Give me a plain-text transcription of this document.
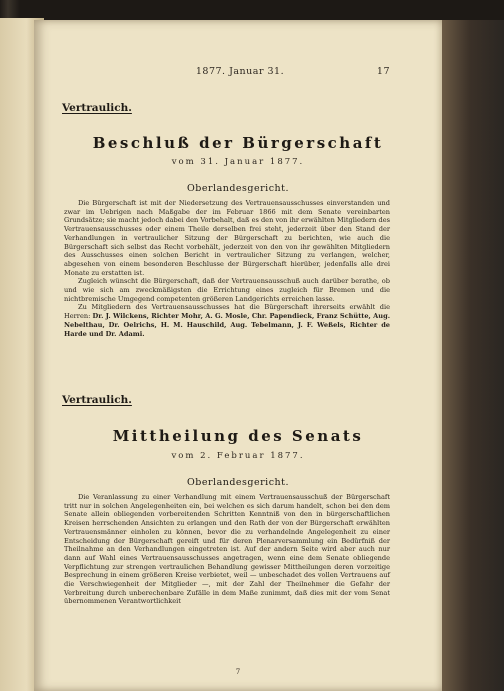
1877. Januar 31.	17
Vertraulich.
Beschluß der Bürgerschaft
vom 31. Januar 1877.
Oberlandesgericht.

Die Bürgerschaft ist mit der Niedersetzung des Vertrauensausschusses einverstanden und zwar im Uebrigen nach Maßgabe der im Februar 1866 mit dem Senate vereinbarten Grundsätze; sie macht jedoch dabei den Vorbehalt, daß es den von ihr erwählten Mitgliedern des Vertrauensausschusses oder einem Theile derselben frei steht, jederzeit über den Stand der Verhandlungen in vertraulicher Sitzung der Bürgerschaft zu berichten, wie auch die Bürgerschaft sich selbst das Recht vorbehält, jederzeit von den von ihr gewählten Mitgliedern des Ausschusses einen solchen Bericht in vertraulicher Sitzung zu verlangen, welcher, abgesehen von einem besonderen Beschlusse der Bürgerschaft hierüber, jedenfalls alle drei Monate zu erstatten ist.

Zugleich wünscht die Bürgerschaft, daß der Vertrauensausschuß auch darüber berathe, ob und wie sich am zweckmäßigsten die Errichtung eines zugleich für Bremen und die nichtbremische Umgegend competenten größeren Landgerichts erreichen lasse.

Zu Mitgliedern des Vertrauensausschusses hat die Bürgerschaft ihrerseits erwählt die Herren: Dr. J. Wilckens, Richter Mohr, A. G. Mosle, Chr. Papendieck, Franz Schütte, Aug. Nebelthau, Dr. Oelrichs, H. M. Hauschild, Aug. Tebelmann, J. F. Weßels, Richter de Harde und Dr. Adami.

Vertraulich.
Mittheilung des Senats
vom 2. Februar 1877.
Oberlandesgericht.

Die Veranlassung zu einer Verhandlung mit einem Vertrauensausschuß der Bürgerschaft tritt nur in solchen Angelegenheiten ein, bei welchen es sich darum handelt, schon bei den dem Senate allein obliegenden vorbereitenden Schritten Kenntniß von den in bürgerschaftlichen Kreisen herrschenden Ansichten zu erlangen und den Rath der von der Bürgerschaft erwählten Vertrauensmänner einholen zu können, bevor die zu verhandelnde Angelegenheit zu einer Entscheidung der Bürgerschaft gereift und für deren Plenarversammlung ein Bedürfniß der Theilnahme an den Verhandlungen eingetreten ist. Auf der andern Seite wird aber auch nur dann auf Wahl eines Vertrauensausschusses angetragen, wenn eine dem Senate obliegende Verpflichtung zur strengen vertraulichen Behandlung gewisser Mittheilungen deren vorzeitige Besprechung in einem größeren Kreise verbietet, weil — unbeschadet des vollen Vertrauens auf die Verschwiegenheit der Mitglieder —, mit der Zahl der Theilnehmer die Gefahr der Verbreitung durch unberechenbare Zufälle in dem Maße zunimmt, daß dies mit der vom Senat übernommenen Verantwortlichkeit

7
